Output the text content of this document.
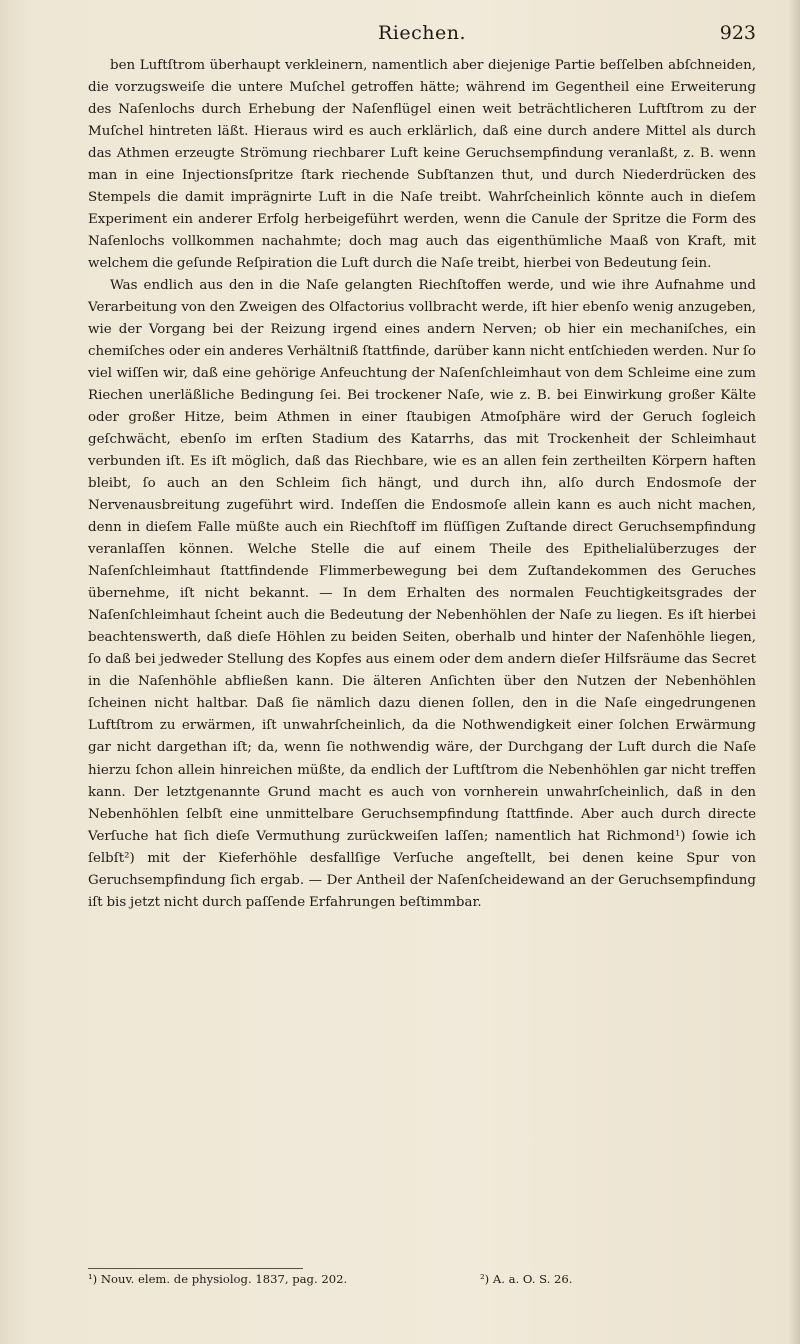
Riechen.	923

ben Luftſtrom überhaupt verkleinern, namentlich aber diejenige Partie beſſelben abſchneiden, die vorzugsweiſe die untere Muſchel getroffen hätte; während im Gegentheil eine Erweiterung des Naſenlochs durch Erhebung der Naſenflügel einen weit beträchtlicheren Luftſtrom zu der Muſchel hintreten läßt. Hieraus wird es auch erklärlich, daß eine durch andere Mittel als durch das Athmen erzeugte Strömung riechbarer Luft keine Geruchsempfindung veranlaßt, z. B. wenn man in eine Injectionsſpritze ſtark riechende Subſtanzen thut, und durch Niederdrücken des Stempels die damit imprägnirte Luft in die Naſe treibt. Wahrſcheinlich könnte auch in dieſem Experiment ein anderer Erfolg herbeigeführt werden, wenn die Canule der Spritze die Form des Naſenlochs vollkommen nachahmte; doch mag auch das eigenthümliche Maaß von Kraft, mit welchem die geſunde Reſpiration die Luft durch die Naſe treibt, hierbei von Bedeutung ſein.

Was endlich aus den in die Naſe gelangten Riechſtoffen werde, und wie ihre Aufnahme und Verarbeitung von den Zweigen des Olfactorius vollbracht werde, iſt hier ebenſo wenig anzugeben, wie der Vorgang bei der Reizung irgend eines andern Nerven; ob hier ein mechaniſches, ein chemiſches oder ein anderes Verhältniß ſtattfinde, darüber kann nicht entſchieden werden. Nur ſo viel wiſſen wir, daß eine gehörige Anfeuchtung der Naſenſchleimhaut von dem Schleime eine zum Riechen unerläßliche Bedingung ſei. Bei trockener Naſe, wie z. B. bei Einwirkung großer Kälte oder großer Hitze, beim Athmen in einer ſtaubigen Atmoſphäre wird der Geruch ſogleich geſchwächt, ebenſo im erſten Stadium des Katarrhs, das mit Trockenheit der Schleimhaut verbunden iſt. Es iſt möglich, daß das Riechbare, wie es an allen fein zertheilten Körpern haften bleibt, ſo auch an den Schleim ſich hängt, und durch ihn, alſo durch Endosmoſe der Nervenausbreitung zugeführt wird. Indeſſen die Endosmoſe allein kann es auch nicht machen, denn in dieſem Falle müßte auch ein Riechſtoff im flüſſigen Zuſtande direct Geruchsempfindung veranlaſſen können. Welche Stelle die auf einem Theile des Epithelialüberzuges der Naſenſchleimhaut ſtattfindende Flimmerbewegung bei dem Zuſtandekommen des Geruches übernehme, iſt nicht bekannt. — In dem Erhalten des normalen Feuchtigkeitsgrades der Naſenſchleimhaut ſcheint auch die Bedeutung der Nebenhöhlen der Naſe zu liegen. Es iſt hierbei beachtenswerth, daß dieſe Höhlen zu beiden Seiten, oberhalb und hinter der Naſenhöhle liegen, ſo daß bei jedweder Stellung des Kopfes aus einem oder dem andern dieſer Hilfsräume das Secret in die Naſenhöhle abfließen kann. Die älteren Anſichten über den Nutzen der Nebenhöhlen ſcheinen nicht haltbar. Daß ſie nämlich dazu dienen ſollen, den in die Naſe eingedrungenen Luftſtrom zu erwärmen, iſt unwahrſcheinlich, da die Nothwendigkeit einer ſolchen Erwärmung gar nicht dargethan iſt; da, wenn ſie nothwendig wäre, der Durchgang der Luft durch die Naſe hierzu ſchon allein hinreichen müßte, da endlich der Luftſtrom die Nebenhöhlen gar nicht treffen kann. Der letztgenannte Grund macht es auch von vornherein unwahrſcheinlich, daß in den Nebenhöhlen ſelbſt eine unmittelbare Geruchsempfindung ſtattfinde. Aber auch durch directe Verſuche hat ſich dieſe Vermuthung zurückweiſen laſſen; namentlich hat Richmond¹) ſowie ich ſelbſt²) mit der Kieferhöhle desfallſige Verſuche angeſtellt, bei denen keine Spur von Geruchsempfindung ſich ergab. — Der Antheil der Naſenſcheidewand an der Geruchsempfindung iſt bis jetzt nicht durch paſſende Erfahrungen beſtimmbar.

¹) Nouv. elem. de physiolog. 1837, pag. 202.	²) A. a. O. S. 26.
